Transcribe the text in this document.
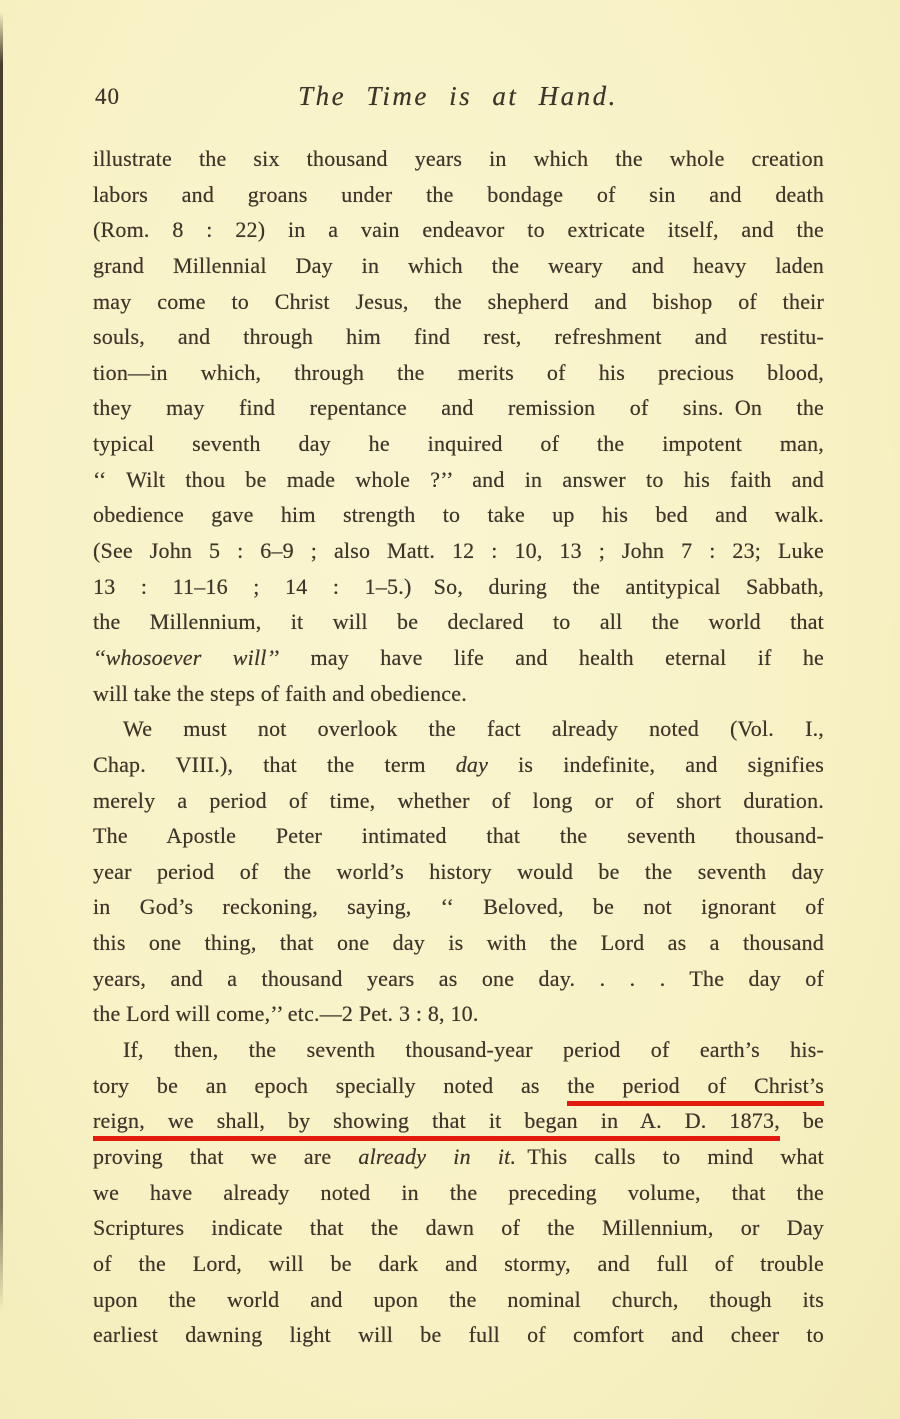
40	The Time is at Hand.
illustrate the six thousand years in which the whole creation
labors and groans under the bondage of sin and death
(Rom. 8 : 22) in a vain endeavor to extricate itself, and the
grand Millennial Day in which the weary and heavy laden
may come to Christ Jesus, the shepherd and bishop of their
souls, and through him find rest, refreshment and restitu-
tion—in which, through the merits of his precious blood,
they may find repentance and remission of sins. On the
typical seventh day he inquired of the impotent man,
‘‘ Wilt thou be made whole ?’’ and in answer to his faith and
obedience gave him strength to take up his bed and walk.
(See John 5 : 6–9 ; also Matt. 12 : 10, 13 ; John 7 : 23; Luke
13 : 11–16 ; 14 : 1–5.) So, during the antitypical Sabbath,
the Millennium, it will be declared to all the world that
‘‘whosoever will’’ may have life and health eternal if he
will take the steps of faith and obedience.
We must not overlook the fact already noted (Vol. I.,
Chap. VIII.), that the term day is indefinite, and signifies
merely a period of time, whether of long or of short duration.
The Apostle Peter intimated that the seventh thousand-
year period of the world’s history would be the seventh day
in God’s reckoning, saying, ‘‘ Beloved, be not ignorant of
this one thing, that one day is with the Lord as a thousand
years, and a thousand years as one day. . . . The day of
the Lord will come,’’ etc.—2 Pet. 3 : 8, 10.
If, then, the seventh thousand-year period of earth’s his-
tory be an epoch specially noted as the period of Christ’s
reign, we shall, by showing that it began in A. D. 1873, be
proving that we are already in it. This calls to mind what
we have already noted in the preceding volume, that the
Scriptures indicate that the dawn of the Millennium, or Day
of the Lord, will be dark and stormy, and full of trouble
upon the world and upon the nominal church, though its
earliest dawning light will be full of comfort and cheer to
